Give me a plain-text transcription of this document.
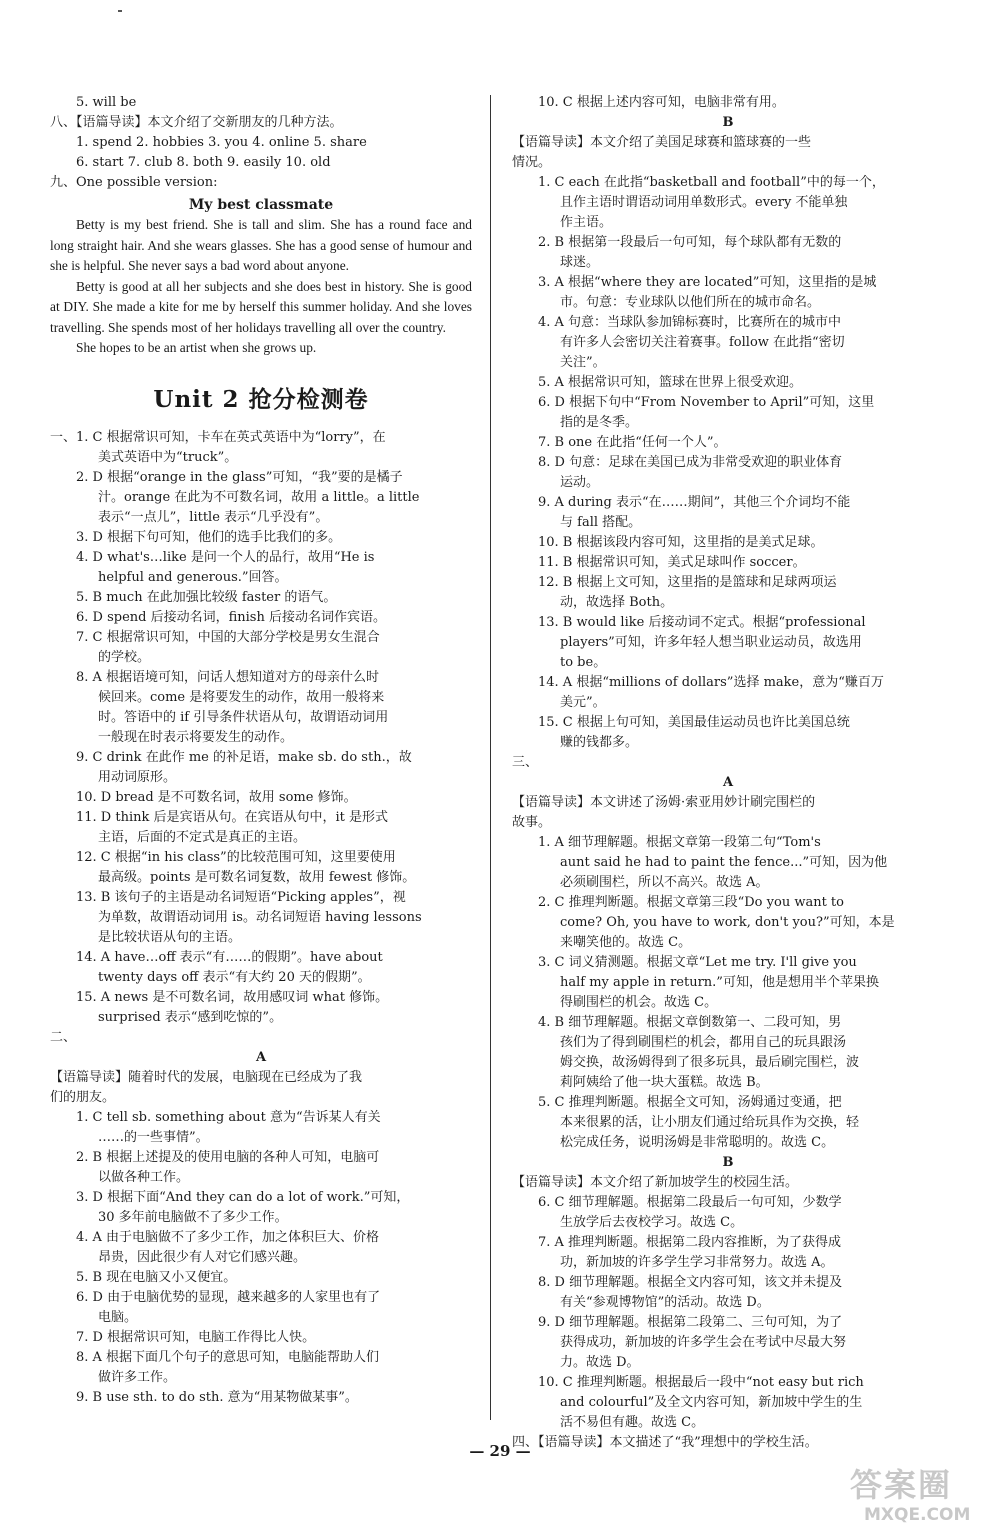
5. will be
八、【语篇导读】本文介绍了交新朋友的几种方法。
1. spend 2. hobbies 3. you 4. online 5. share
6. start 7. club 8. both 9. easily 10. old
九、One possible version:
My best classmate
Betty is my best friend. She is tall and slim. She has a round face and long straight hair. And she wears glasses. She has a good sense of humour and she is helpful. She never says a bad word about anyone.
Betty is good at all her subjects and she does best in history. She is good at DIY. She made a kite for me by herself this summer holiday. And she loves travelling. She spends most of her holidays travelling all over the country.
She hopes to be an artist when she grows up.
Unit 2 抢分检测卷
一、1. C 根据常识可知，卡车在英式英语中为“lorry”，在
美式英语中为“truck”。
2. D 根据“orange in the glass”可知，“我”要的是橘子
汁。orange 在此为不可数名词，故用 a little。a little
表示“一点儿”，little 表示“几乎没有”。
3. D 根据下句可知，他们的选手比我们的多。
4. D what's…like 是问一个人的品行，故用“He is
helpful and generous.”回答。
5. B much 在此加强比较级 faster 的语气。
6. D spend 后接动名词，finish 后接动名词作宾语。
7. C 根据常识可知，中国的大部分学校是男女生混合
的学校。
8. A 根据语境可知，问话人想知道对方的母亲什么时
候回来。come 是将要发生的动作，故用一般将来
时。答语中的 if 引导条件状语从句，故谓语动词用
一般现在时表示将要发生的动作。
9. C drink 在此作 me 的补足语，make sb. do sth.，故
用动词原形。
10. D bread 是不可数名词，故用 some 修饰。
11. D think 后是宾语从句。在宾语从句中，it 是形式
主语，后面的不定式是真正的主语。
12. C 根据“in his class”的比较范围可知，这里要使用
最高级。points 是可数名词复数，故用 fewest 修饰。
13. B 该句子的主语是动名词短语“Picking apples”，视
为单数，故谓语动词用 is。动名词短语 having lessons
是比较状语从句的主语。
14. A have…off 表示“有……的假期”。have about
twenty days off 表示“有大约 20 天的假期”。
15. A news 是不可数名词，故用感叹词 what 修饰。
surprised 表示“感到吃惊的”。
二、
A
【语篇导读】随着时代的发展，电脑现在已经成为了我
们的朋友。
1. C tell sb. something about 意为“告诉某人有关
……的一些事情”。
2. B 根据上述提及的使用电脑的各种人可知，电脑可
以做各种工作。
3. D 根据下面“And they can do a lot of work.”可知，
30 多年前电脑做不了多少工作。
4. A 由于电脑做不了多少工作，加之体积巨大、价格
昂贵，因此很少有人对它们感兴趣。
5. B 现在电脑又小又便宜。
6. D 由于电脑优势的显现，越来越多的人家里也有了
电脑。
7. D 根据常识可知，电脑工作得比人快。
8. A 根据下面几个句子的意思可知，电脑能帮助人们
做许多工作。
9. B use sth. to do sth. 意为“用某物做某事”。
10. C 根据上述内容可知，电脑非常有用。
B
【语篇导读】本文介绍了美国足球赛和篮球赛的一些
情况。
1. C each 在此指“basketball and football”中的每一个，
且作主语时谓语动词用单数形式。every 不能单独
作主语。
2. B 根据第一段最后一句可知，每个球队都有无数的
球迷。
3. A 根据“where they are located”可知，这里指的是城
市。句意：专业球队以他们所在的城市命名。
4. A 句意：当球队参加锦标赛时，比赛所在的城市中
有许多人会密切关注着赛事。follow 在此指“密切
关注”。
5. A 根据常识可知，篮球在世界上很受欢迎。
6. D 根据下句中“From November to April”可知，这里
指的是冬季。
7. B one 在此指“任何一个人”。
8. D 句意：足球在美国已成为非常受欢迎的职业体育
运动。
9. A during 表示“在……期间”，其他三个介词均不能
与 fall 搭配。
10. B 根据该段内容可知，这里指的是美式足球。
11. B 根据常识可知，美式足球叫作 soccer。
12. B 根据上文可知，这里指的是篮球和足球两项运
动，故选择 Both。
13. B would like 后接动词不定式。根据“professional
players”可知，许多年轻人想当职业运动员，故选用
to be。
14. A 根据“millions of dollars”选择 make，意为“赚百万
美元”。
15. C 根据上句可知，美国最佳运动员也许比美国总统
赚的钱都多。
三、
A
【语篇导读】本文讲述了汤姆·索亚用妙计刷完围栏的
故事。
1. A 细节理解题。根据文章第一段第二句“Tom's
aunt said he had to paint the fence...”可知，因为他
必须刷围栏，所以不高兴。故选 A。
2. C 推理判断题。根据文章第三段“Do you want to
come? Oh, you have to work, don't you?”可知，本是
来嘲笑他的。故选 C。
3. C 词义猜测题。根据文章“Let me try. I'll give you
half my apple in return.”可知，他是想用半个苹果换
得刷围栏的机会。故选 C。
4. B 细节理解题。根据文章倒数第一、二段可知，男
孩们为了得到刷围栏的机会，都用自己的玩具跟汤
姆交换，故汤姆得到了很多玩具，最后刷完围栏，波
莉阿姨给了他一块大蛋糕。故选 B。
5. C 推理判断题。根据全文可知，汤姆通过变通，把
本来很累的活，让小朋友们通过给玩具作为交换，轻
松完成任务，说明汤姆是非常聪明的。故选 C。
B
【语篇导读】本文介绍了新加坡学生的校园生活。
6. C 细节理解题。根据第二段最后一句可知，少数学
生放学后去夜校学习。故选 C。
7. A 推理判断题。根据第二段内容推断，为了获得成
功，新加坡的许多学生学习非常努力。故选 A。
8. D 细节理解题。根据全文内容可知，该文并未提及
有关“参观博物馆”的活动。故选 D。
9. D 细节理解题。根据第二段第二、三句可知，为了
获得成功，新加坡的许多学生会在考试中尽最大努
力。故选 D。
10. C 推理判断题。根据最后一段中“not easy but rich
and colourful”及全文内容可知，新加坡中学生的生
活不易但有趣。故选 C。
四、【语篇导读】本文描述了“我”理想中的学校生活。
— 29 —
答案圈
MXQE.COM
